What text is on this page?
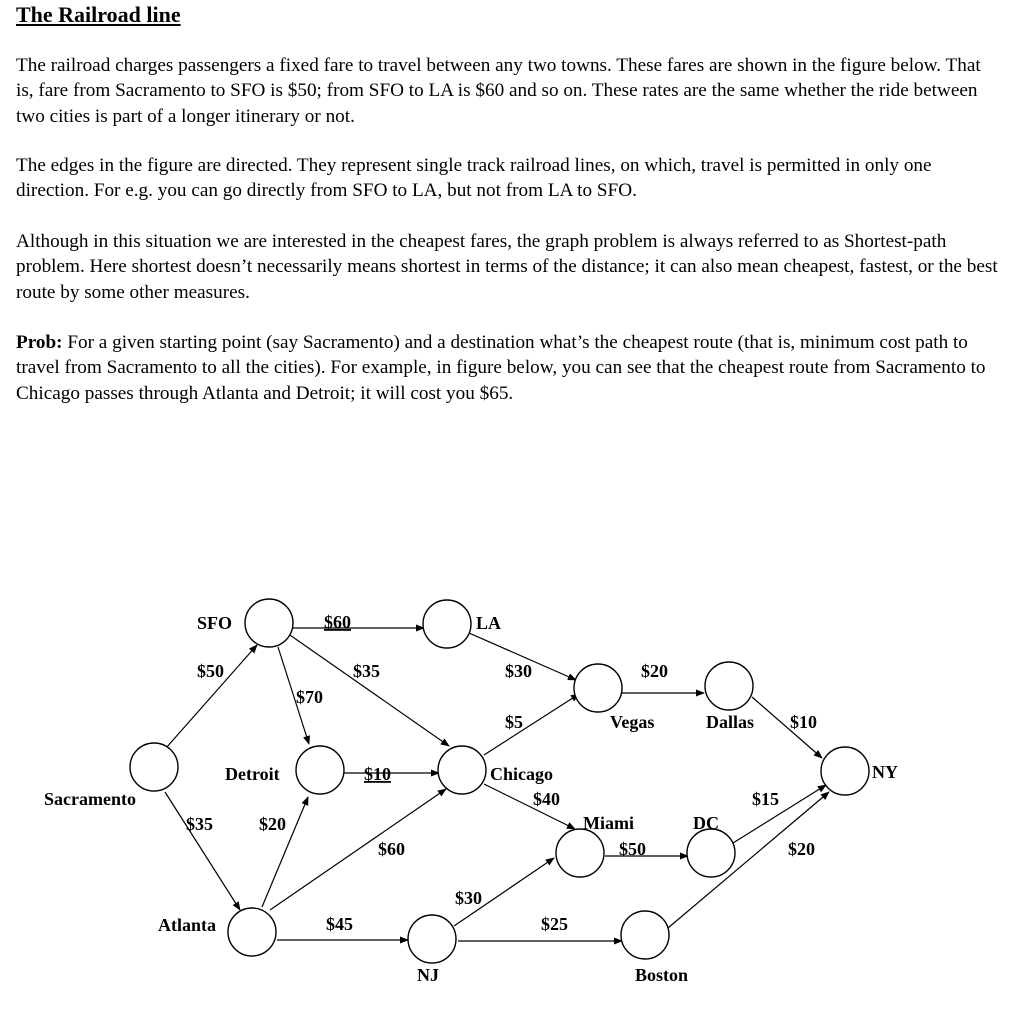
The Railroad line

The railroad charges passengers a fixed fare to travel between any two towns. These fares are shown in the figure below. That is, fare from Sacramento to SFO is $50; from SFO to LA is $60 and so on. These rates are the same whether the ride between two cities is part of a longer itinerary or not.

The edges in the figure are directed. They represent single track railroad lines, on which, travel is permitted in only one direction. For e.g. you can go directly from SFO to LA, but not from LA to SFO.

Although in this situation we are interested in the cheapest fares, the graph problem is always referred to as Shortest-path problem. Here shortest doesn’t necessarily means shortest in terms of the distance; it can also mean cheapest, fastest, or the best route by some other measures.

Prob: For a given starting point (say Sacramento) and a destination what’s the cheapest route (that is, minimum cost path to travel from Sacramento to all the cities). For example, in figure below, you can see that the cheapest route from Sacramento to Chicago passes through Atlanta and Detroit; it will cost you $65.

SFO	LA
Vegas	Dallas
NY
Detroit	Chicago
Sacramento
Miami	DC
Atlanta
NJ	Boston
$50
$60
$35
$70
$30
$5
$20
$10
$10
$40
$35	$20
$60
$45
$30
$25
$50
$15
$20
